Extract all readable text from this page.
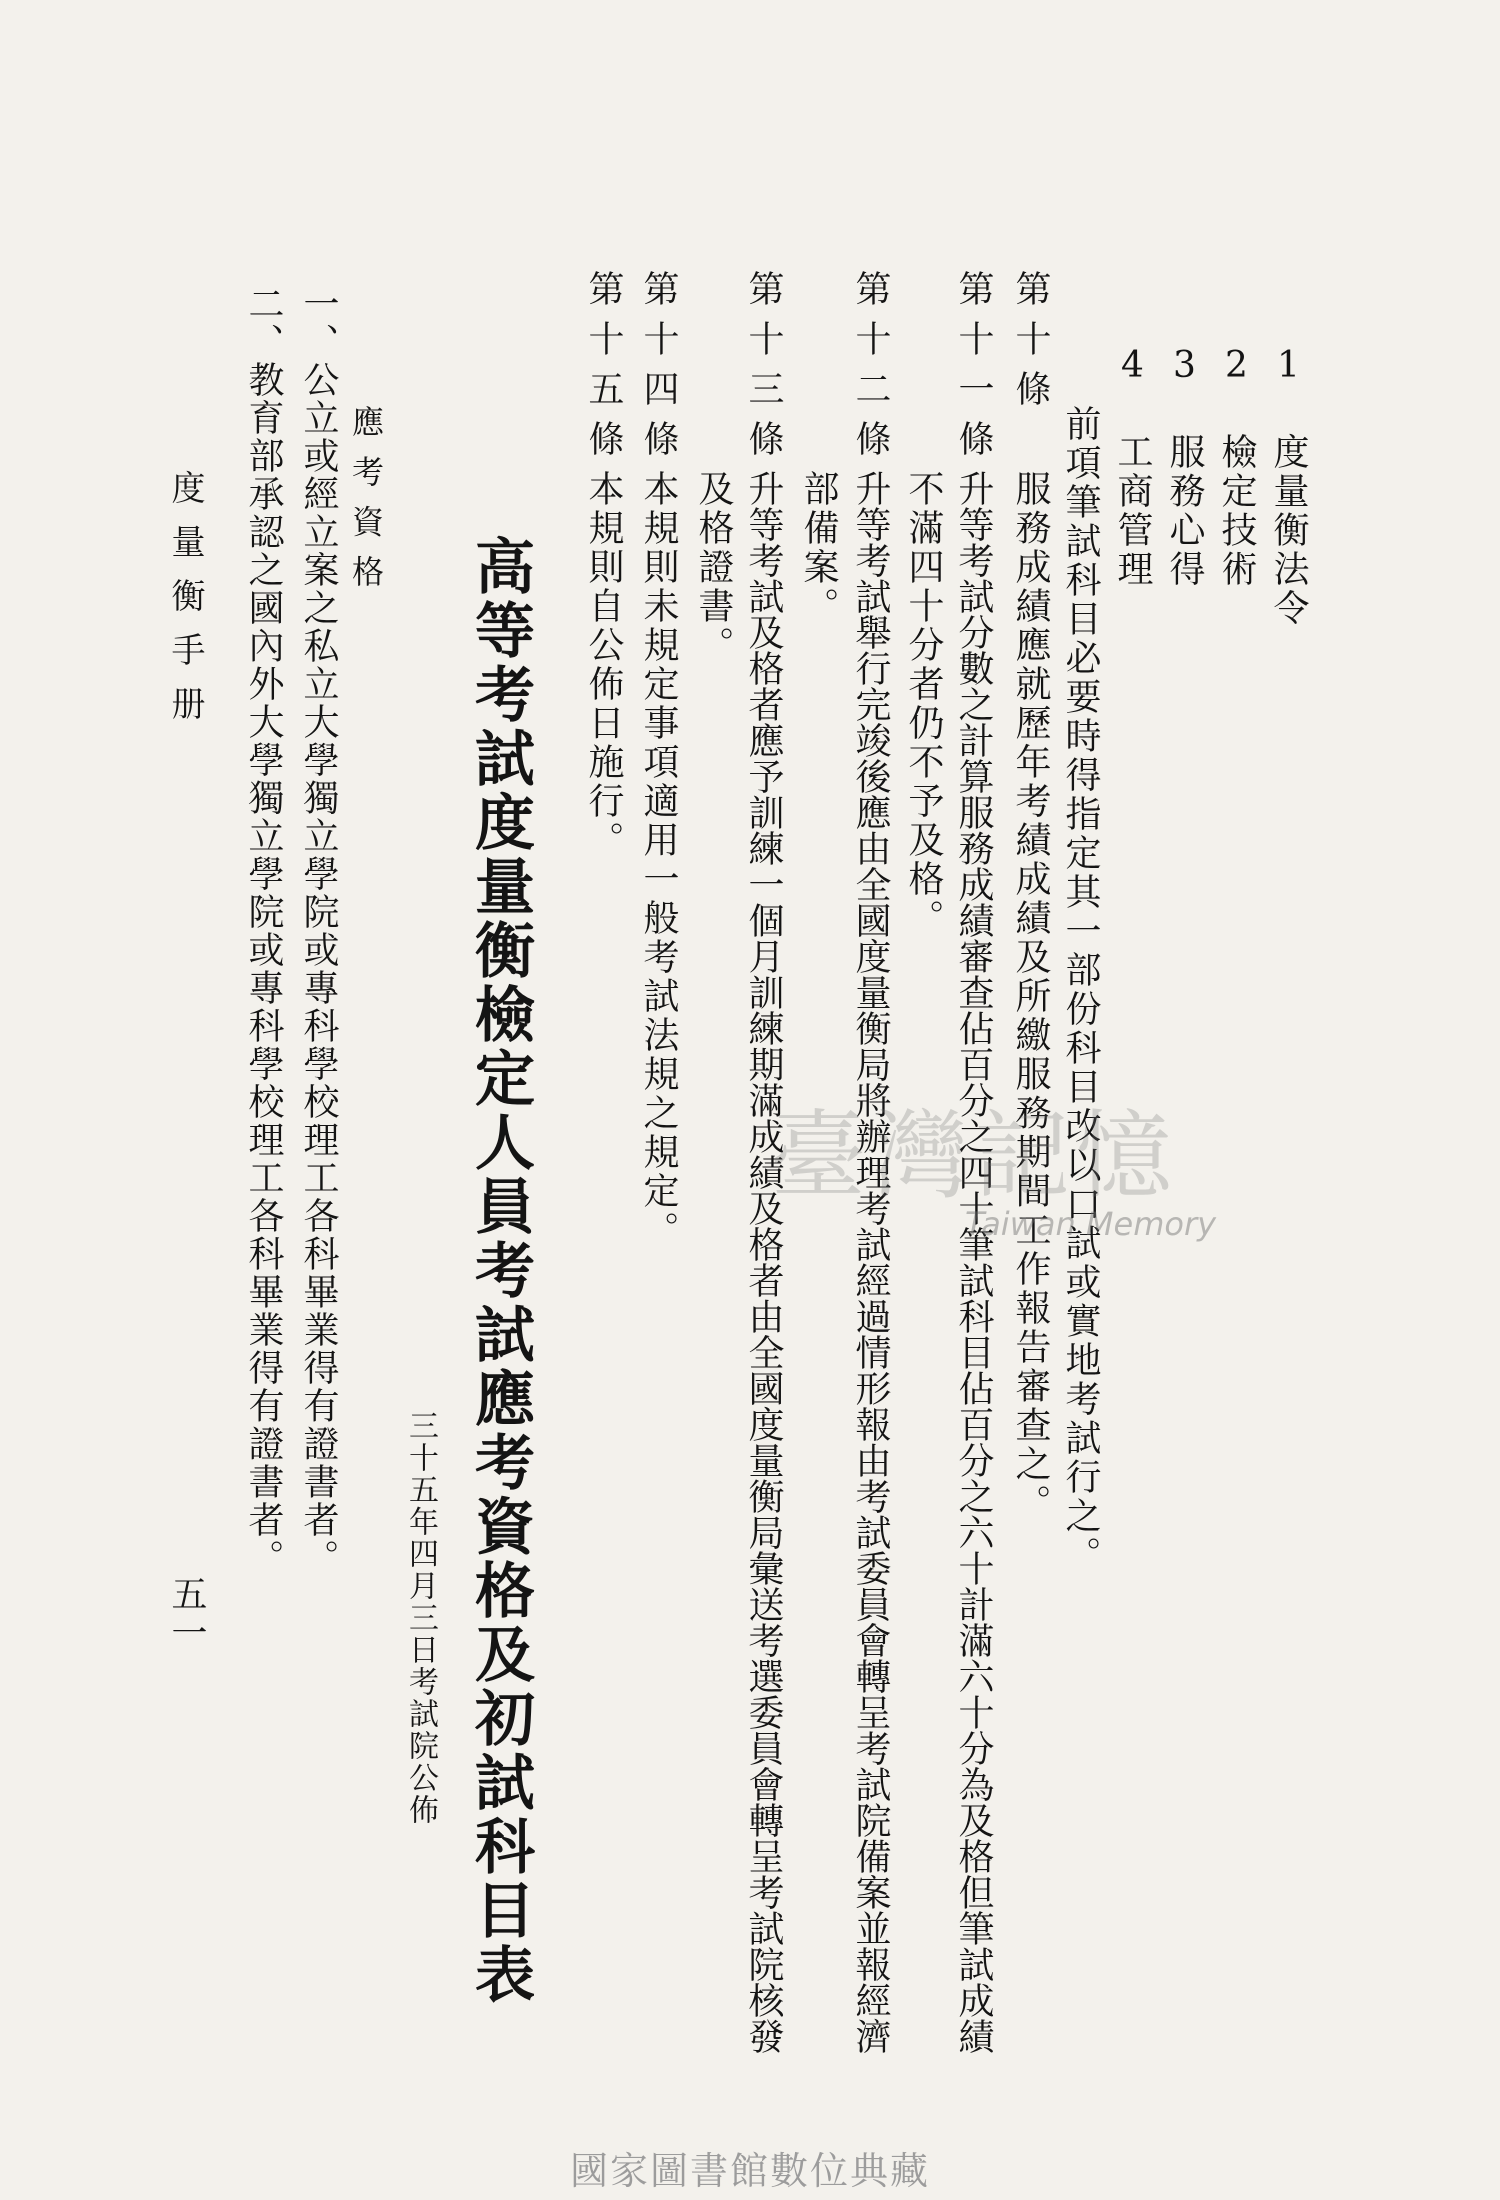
1 度量衡法令
2 檢定技術
3 服務心得
4 工商管理
前項筆試科目必要時得指定其一部份科目改以口試或實地考試行之。
第十條
服務成績應就歷年考績成績及所繳服務期間工作報告審查之。
第十一條
升等考試分數之計算服務成績審查佔百分之四十筆試科目佔百分之六十計滿六十分為及格但筆試成績
不滿四十分者仍不予及格。
第十二條
升等考試舉行完竣後應由全國度量衡局將辦理考試經過情形報由考試委員會轉呈考試院備案並報經濟
部備案。
第十三條
升等考試及格者應予訓練一個月訓練期滿成績及格者由全國度量衡局彙送考選委員會轉呈考試院核發
及格證書。
第十四條
本規則未規定事項適用一般考試法規之規定。
第十五條
本規則自公佈日施行。
高等考試度量衡檢定人員考試應考資格及初試科目表
三十五年四月三日考試院公佈
應考資格
一、公立或經立案之私立大學獨立學院或專科學校理工各科畢業得有證書者。
二、教育部承認之國內外大學獨立學院或專科學校理工各科畢業得有證書者。
度量衡手册
五一
臺灣記憶
Taiwan Memory
國家圖書館數位典藏
